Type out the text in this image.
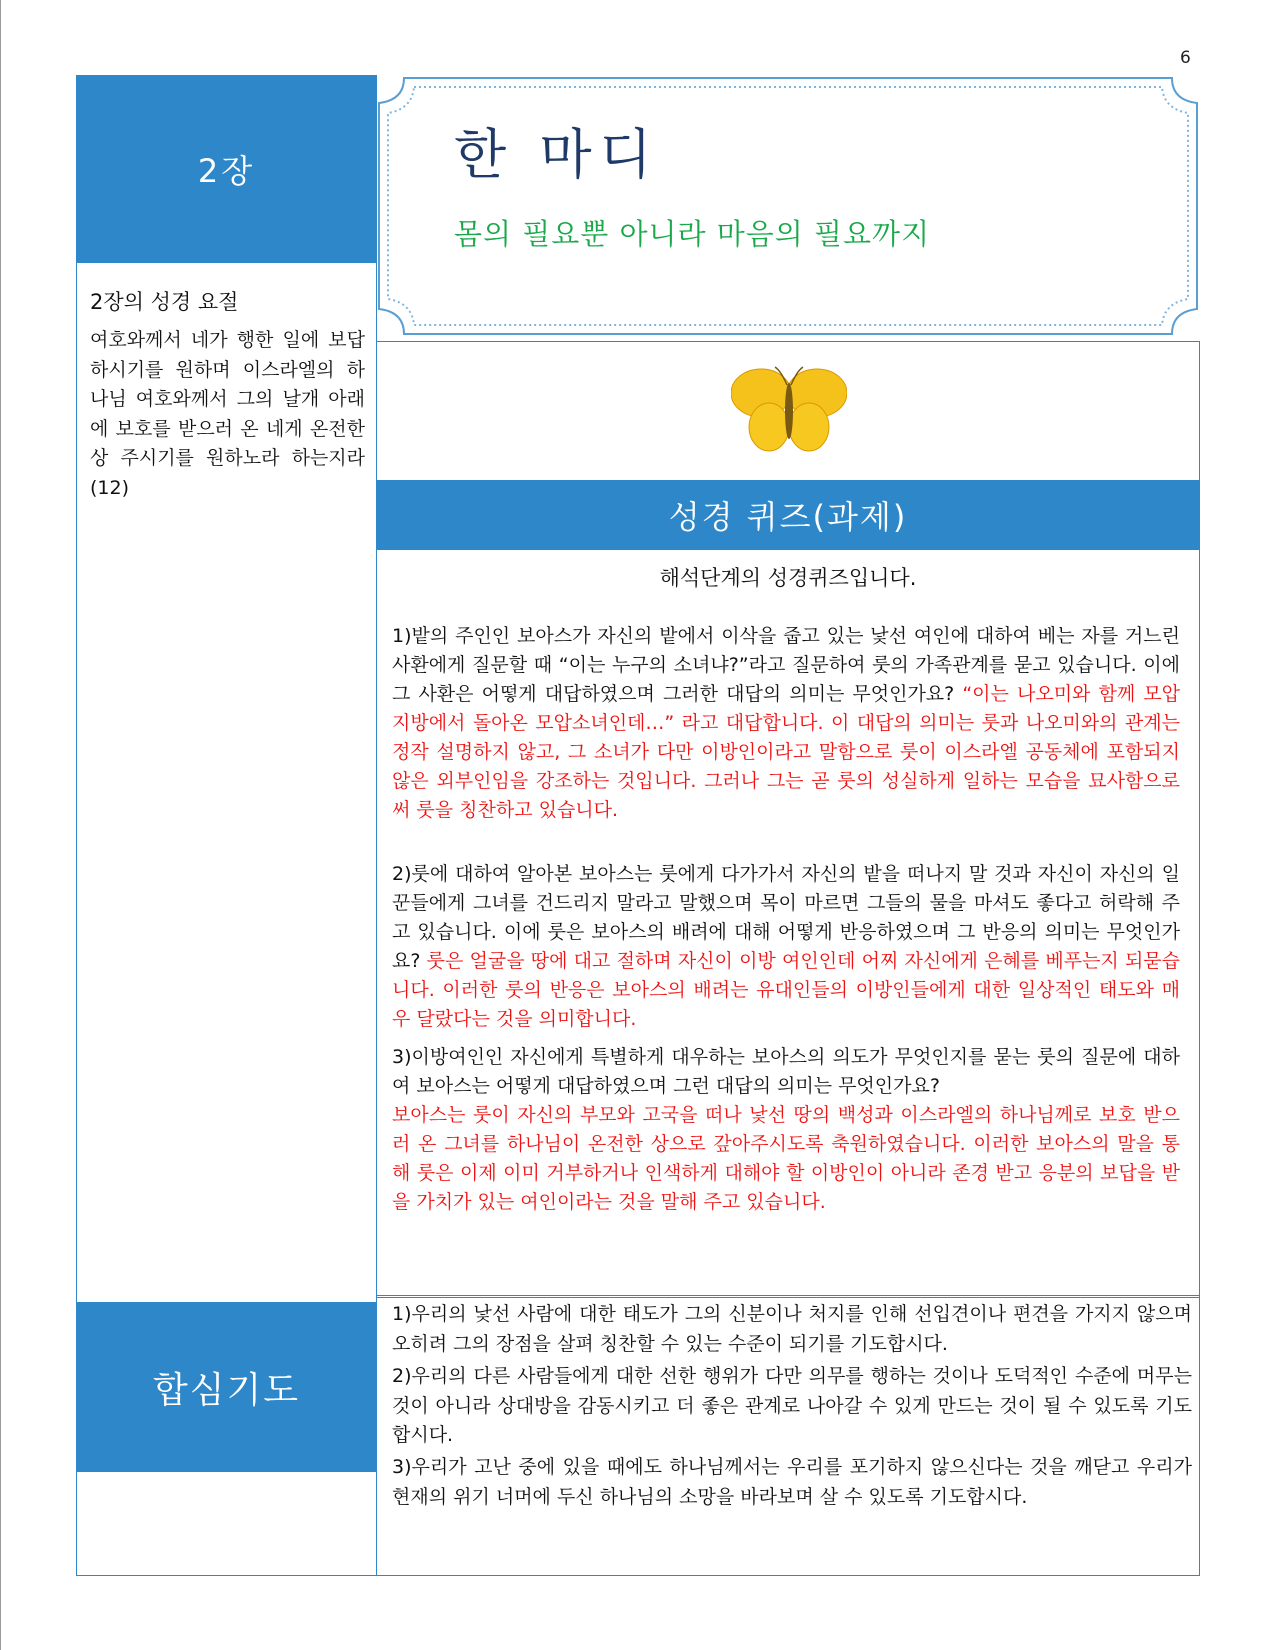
6
2장
2장의 성경 요절
여호와께서 네가 행한 일에 보답하시기를 원하며 이스라엘의 하나님 여호와께서 그의 날개 아래에 보호를 받으러 온 네게 온전한 상 주시기를 원하노라 하는지라(12)
합심기도
한 마디
몸의 필요뿐 아니라 마음의 필요까지
성경 퀴즈(과제)
해석단계의 성경퀴즈입니다.
1)밭의 주인인 보아스가 자신의 밭에서 이삭을 줍고 있는 낯선 여인에 대하여 베는 자를 거느린 사환에게 질문할 때 “이는 누구의 소녀냐?”라고 질문하여 룻의 가족관계를 묻고 있습니다. 이에 그 사환은 어떻게 대답하였으며 그러한 대답의 의미는 무엇인가요? “이는 나오미와 함께 모압 지방에서 돌아온 모압소녀인데…” 라고 대답합니다. 이 대답의 의미는 룻과 나오미와의 관계는 정작 설명하지 않고, 그 소녀가 다만 이방인이라고 말함으로 룻이 이스라엘 공동체에 포함되지 않은 외부인임을 강조하는 것입니다. 그러나 그는 곧 룻의 성실하게 일하는 모습을 묘사함으로써 룻을 칭찬하고 있습니다.
2)룻에 대하여 알아본 보아스는 룻에게 다가가서 자신의 밭을 떠나지 말 것과 자신이 자신의 일꾼들에게 그녀를 건드리지 말라고 말했으며 목이 마르면 그들의 물을 마셔도 좋다고 허락해 주고 있습니다. 이에 룻은 보아스의 배려에 대해 어떻게 반응하였으며 그 반응의 의미는 무엇인가요? 룻은 얼굴을 땅에 대고 절하며 자신이 이방 여인인데 어찌 자신에게 은혜를 베푸는지 되묻습니다. 이러한 룻의 반응은 보아스의 배려는 유대인들의 이방인들에게 대한 일상적인 태도와 매우 달랐다는 것을 의미합니다.
3)이방여인인 자신에게 특별하게 대우하는 보아스의 의도가 무엇인지를 묻는 룻의 질문에 대하여 보아스는 어떻게 대답하였으며 그런 대답의 의미는 무엇인가요?
보아스는 룻이 자신의 부모와 고국을 떠나 낯선 땅의 백성과 이스라엘의 하나님께로 보호 받으러 온 그녀를 하나님이 온전한 상으로 갚아주시도록 축원하였습니다. 이러한 보아스의 말을 통해 룻은 이제 이미 거부하거나 인색하게 대해야 할 이방인이 아니라 존경 받고 응분의 보답을 받을 가치가 있는 여인이라는 것을 말해 주고 있습니다.
1)우리의 낯선 사람에 대한 태도가 그의 신분이나 처지를 인해 선입견이나 편견을 가지지 않으며 오히려 그의 장점을 살펴 칭찬할 수 있는 수준이 되기를 기도합시다.
2)우리의 다른 사람들에게 대한 선한 행위가 다만 의무를 행하는 것이나 도덕적인 수준에 머무는 것이 아니라 상대방을 감동시키고 더 좋은 관계로 나아갈 수 있게 만드는 것이 될 수 있도록 기도합시다.
3)우리가 고난 중에 있을 때에도 하나님께서는 우리를 포기하지 않으신다는 것을 깨닫고 우리가 현재의 위기 너머에 두신 하나님의 소망을 바라보며 살 수 있도록 기도합시다.
